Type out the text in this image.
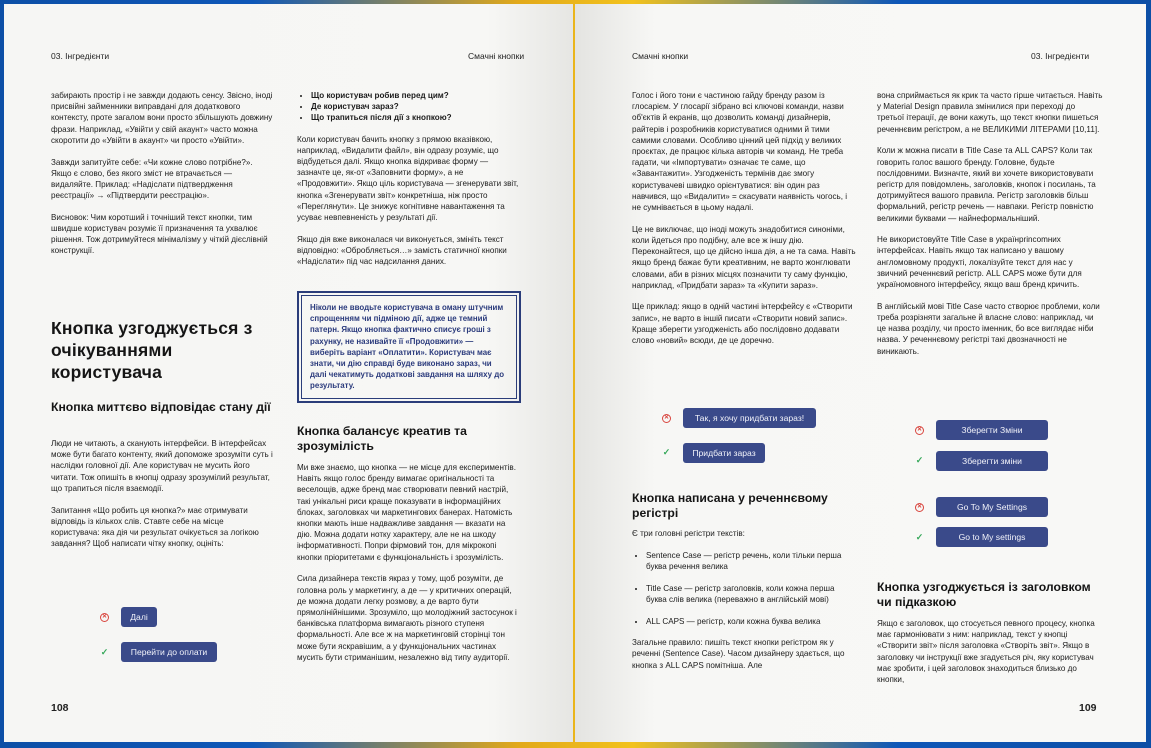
03. Інгредієнти	Смачні кнопки

забирають простір і не завжди додають сенсу. Звісно, іноді присвійні займенники виправдані для додаткового контексту, проте загалом вони просто збільшують довжину фрази. Наприклад, «Увійти у свій акаунт» часто можна скоротити до «Увійти в акаунт» чи просто «Увійти».

Завжди запитуйте себе: «Чи кожне слово потрібне?». Якщо є слово, без якого зміст не втрачається — видаляйте. Приклад: «Надіслати підтвердження реєстрації» → «Підтвердити реєстрацію».

Висновок: Чим коротший і точніший текст кнопки, тим швидше користувач розуміє її призначення та ухвалює рішення. Тож дотримуйтеся мінімалізму у чіткій дієслівній конструкції.

Кнопка узгоджується з очікуваннями користувача
Кнопка миттєво відповідає стану дії

Люди не читають, а сканують інтерфейси. В інтерфейсах може бути багато контенту, який допоможе зрозуміти суть і наслідки головної дії. Але користувач не мусить його читати. Тож опишіть в кнопці одразу зрозумілий результат, що трапиться після взаємодії.

Запитання «Що робить ця кнопка?» має отримувати відповідь із кількох слів. Ставте себе на місце користувача: яка дія чи результат очікується за логікою завдання? Щоб написати чітку кнопку, оцініть:

✕	Далі
✓	Перейти до оплати
• Що користувач робив перед цим?
• Де користувач зараз?
• Що трапиться після дії з кнопкою?

Коли користувач бачить кнопку з прямою вказівкою, наприклад, «Видалити файл», він одразу розуміє, що відбудеться далі. Якщо кнопка відкриває форму — зазначте це, як-от «Заповнити форму», а не «Продовжити». Якщо ціль користувача — згенерувати звіт, кнопка «Згенерувати звіт» конкретніша, ніж просто «Переглянути». Це знижує когнітивне навантаження та усуває невпевненість у результаті дії.

Якщо дія вже виконалася чи виконується, змініть текст відповідно: «Обробляється…» замість статичної кнопки «Надіслати» під час надсилання даних.

Ніколи не вводьте користувача в оману штучним спрощенням чи підміною дії, адже це темний патерн. Якщо кнопка фактично списує гроші з рахунку, не називайте її «Продовжити» — виберіть варіант «Оплатити». Користувач має знати, чи дію справді буде виконано зараз, чи далі чекатимуть додаткові завдання на шляху до результату.
Кнопка балансує креатив та зрозумілість

Ми вже знаємо, що кнопка — не місце для експериментів. Навіть якщо голос бренду вимагає оригінальності та веселощів, адже бренд має створювати певний настрій, такі унікальні риси краще показувати в інформаційних блоках, заголовках чи маркетингових банерах. Натомість кнопки мають інше надважливе завдання — вказати на дію. Можна додати нотку характеру, але не на шкоду інформативності. Попри фірмовий тон, для мікрокопі кнопки пріоритетами є функціональність і зрозумілість.

Сила дизайнера текстів якраз у тому, щоб розуміти, де головна роль у маркетингу, а де — у критичних операцій, де можна додати легку розмову, а де варто бути прямолінійнішими. Зрозуміло, що молодіжний застосунок і банківська платформа вимагають різного ступеня формальності. Але все ж на маркетинговій сторінці тон може бути яскравішим, а у функціональних частинах мусить бути стриманішим, незалежно від типу аудиторії.

108
Смачні кнопки	03. Інгредієнти

Голос і його тони є частиною гайду бренду разом із глосарієм. У глосарії зібрано всі ключові команди, назви об'єктів й екранів, що дозволить команді дизайнерів, райтерів і розробників користуватися одними й тими самими словами. Особливо цінний цей підхід у великих проєктах, де працює кілька авторів чи команд. Не треба гадати, чи «Імпортувати» означає те саме, що «Завантажити». Узгодженість термінів дає змогу користувачеві швидко орієнтуватися: він один раз навчився, що «Видалити» = скасувати наявність чогось, і не сумнівається в цьому надалі.

Це не виключає, що іноді можуть знадобитися синоніми, коли йдеться про подібну, але все ж іншу дію. Переконайтеся, що це дійсно інша дія, а не та сама. Навіть якщо бренд бажає бути креативним, не варто жонглювати словами, аби в різних місцях позначити ту саму функцію, наприклад, «Придбати зараз» та «Купити зараз».

Ще приклад: якщо в одній частині інтерфейсу є «Створити запис», не варто в іншій писати «Створити новий запис». Краще зберегти узгодженість або послідовно додавати слово «новий» всюди, де це доречно.

✕	Так, я хочу придбати зараз!
✓	Придбати зараз
Кнопка написана у реченнєвому регістрі

Є три головні регістри текстів:

• Sentence Case — регістр речень, коли тільки перша буква речення велика
• Title Case — регістр заголовків, коли кожна перша буква слів велика (переважно в англійській мові)
• ALL CAPS — регістр, коли кожна буква велика

Загальне правило: пишіть текст кнопки регістром як у реченні (Sentence Case). Часом дизайнеру здається, що кнопка з ALL CAPS помітніша. Але

вона сприймається як крик та часто гірше читається. Навіть у Material Design правила змінилися при переході до третьої ітерації, де вони кажуть, що текст кнопки пишеться реченнєвим регістром, а не ВЕЛИКИМИ ЛІТЕРАМИ [10,11].

Коли ж можна писати в Title Case та ALL CAPS? Коли так говорить голос вашого бренду. Головне, будьте послідовними. Визначте, який ви хочете використовувати регістр для повідомлень, заголовків, кнопок і посилань, та дотримуйтеся вашого правила. Регістр заголовків більш формальний, регістр речень — навпаки. Регістр повністю великими буквами — найнеформальніший.

Не використовуйте Title Case в українprincomних інтерфейсах. Навіть якщо так написано у вашому англомовному продукті, локалізуйте текст для нас у звичний реченнєвий регістр. ALL CAPS може бути для україномовного інтерфейсу, якщо ваш бренд кричить.

В англійській мові Title Case часто створює проблеми, коли треба розрізняти загальне й власне слово: наприклад, чи це назва розділу, чи просто іменник, бо все виглядає ніби назва. У реченнєвому регістрі такі двозначності не виникають.

✕	Зберегти Зміни
✓	Зберегти зміни
✕	Go To My Settings
✓	Go to My settings
Кнопка узгоджується із заголовком чи підказкою

Якщо є заголовок, що стосується певного процесу, кнопка має гармоніювати з ним: наприклад, текст у кнопці «Створити звіт» після заголовка «Створіть звіт». Якщо в заголовку чи інструкції вже згадується річ, яку користувач має зробити, і цей заголовок знаходиться близько до кнопки,

109
